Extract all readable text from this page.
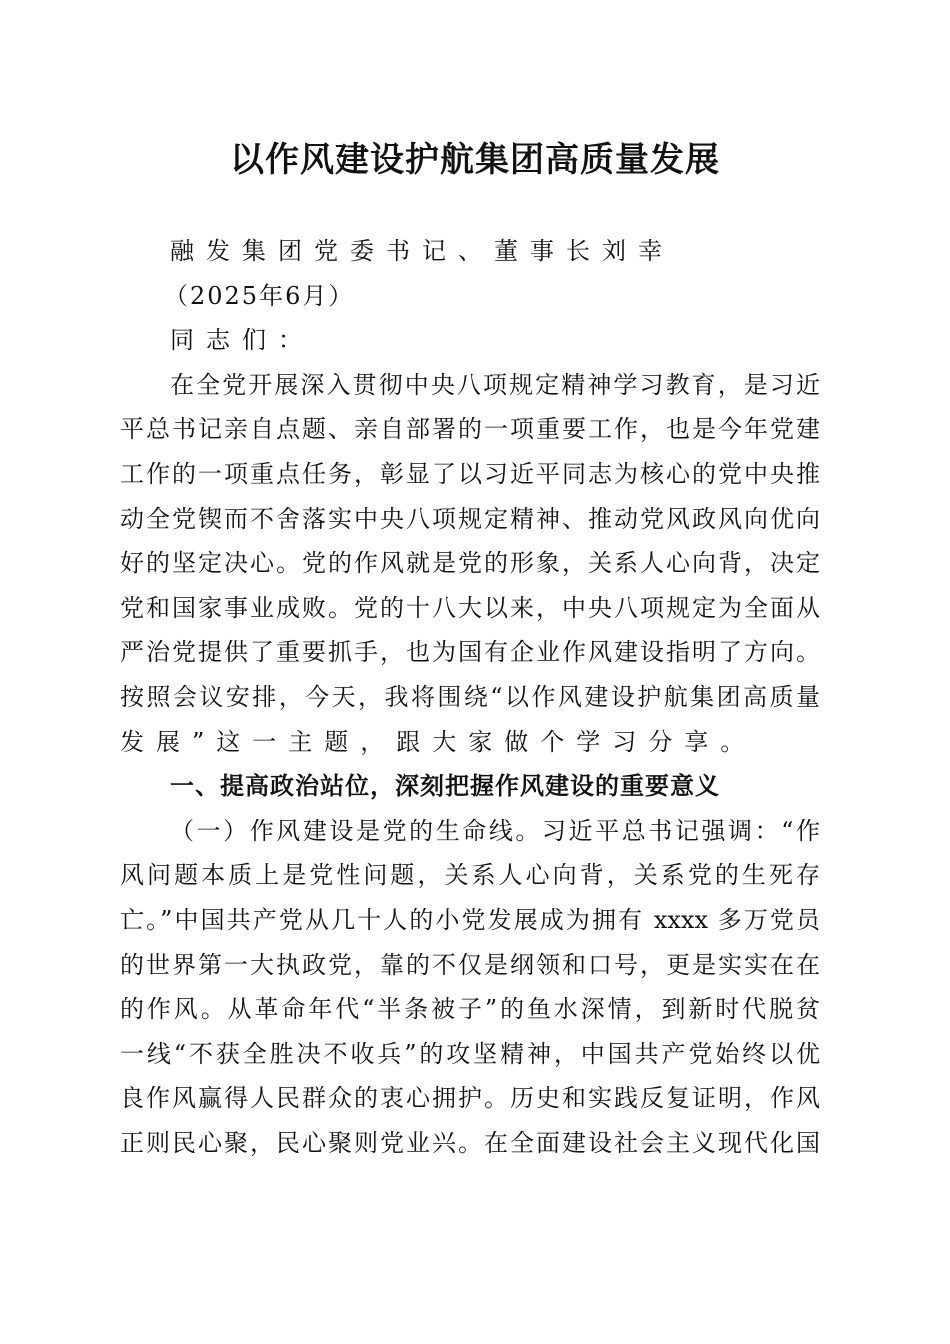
以作风建设护航集团高质量发展
融发集团党委书记、董事长刘幸
（2025年6月）
同志们：
在全党开展深入贯彻中央八项规定精神学习教育，是习近
平总书记亲自点题、亲自部署的一项重要工作，也是今年党建
工作的一项重点任务，彰显了以习近平同志为核心的党中央推
动全党锲而不舍落实中央八项规定精神、推动党风政风向优向
好的坚定决心。党的作风就是党的形象，关系人心向背，决定
党和国家事业成败。党的十八大以来，中央八项规定为全面从
严治党提供了重要抓手，也为国有企业作风建设指明了方向。
按照会议安排，今天，我将围绕“以作风建设护航集团高质量
发展”这一主题，跟大家做个学习分享。
一、提高政治站位，深刻把握作风建设的重要意义
（一）作风建设是党的生命线。习近平总书记强调：“作
风问题本质上是党性问题，关系人心向背，关系党的生死存
亡。”中国共产党从几十人的小党发展成为拥有 xxxx 多万党员
的世界第一大执政党，靠的不仅是纲领和口号，更是实实在在
的作风。从革命年代“半条被子”的鱼水深情，到新时代脱贫
一线“不获全胜决不收兵”的攻坚精神，中国共产党始终以优
良作风赢得人民群众的衷心拥护。历史和实践反复证明，作风
正则民心聚，民心聚则党业兴。在全面建设社会主义现代化国
